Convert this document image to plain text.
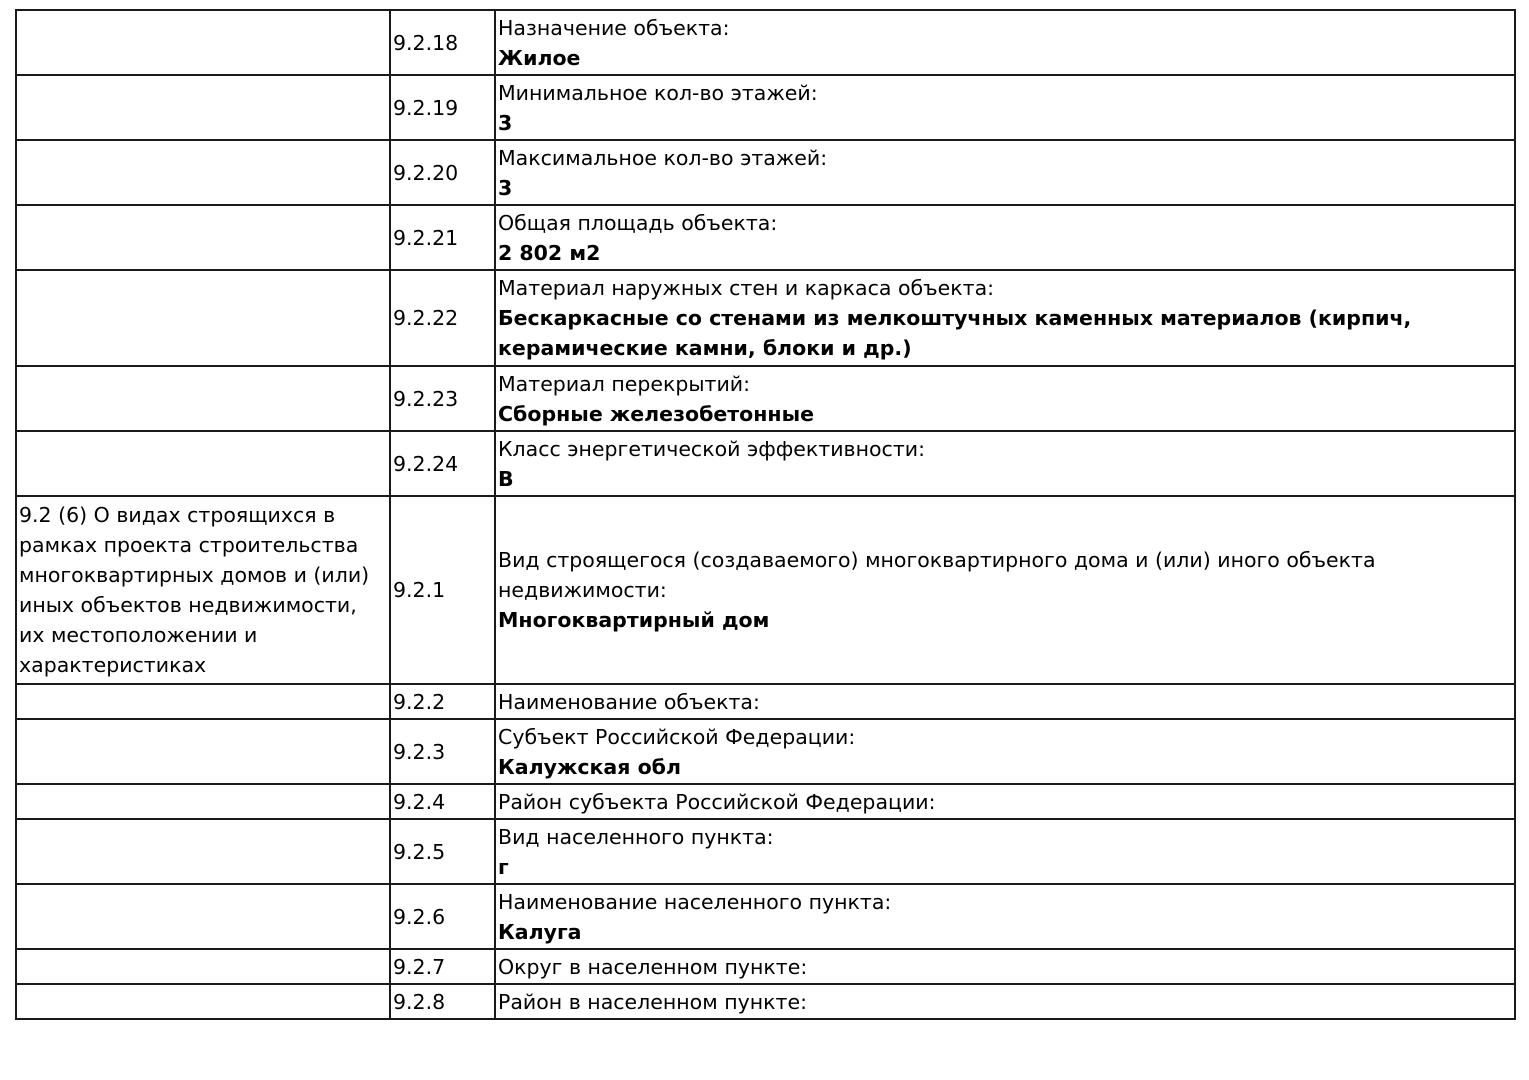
	9.2.18	Назначение объекта:
Жилое

	9.2.19	Минимальное кол-во этажей:
3

	9.2.20	Максимальное кол-во этажей:
3

	9.2.21	Общая площадь объекта:
2 802 м2

	9.2.22	Материал наружных стен и каркаса объекта:
Бескаркасные со стенами из мелкоштучных каменных материалов (кирпич, керамические камни, блоки и др.)

	9.2.23	Материал перекрытий:
Сборные железобетонные

	9.2.24	Класс энергетической эффективности:
В

9.2 (6) О видах строящихся в рамках проекта строительства многоквартирных домов и (или) иных объектов недвижимости, их местоположении и характеристиках	9.2.1	Вид строящегося (создаваемого) многоквартирного дома и (или) иного объекта недвижимости:
Многоквартирный дом

	9.2.2	Наименование объекта:

	9.2.3	Субъект Российской Федерации:
Калужская обл

	9.2.4	Район субъекта Российской Федерации:

	9.2.5	Вид населенного пункта:
г

	9.2.6	Наименование населенного пункта:
Калуга

	9.2.7	Округ в населенном пункте:

	9.2.8	Район в населенном пункте:
